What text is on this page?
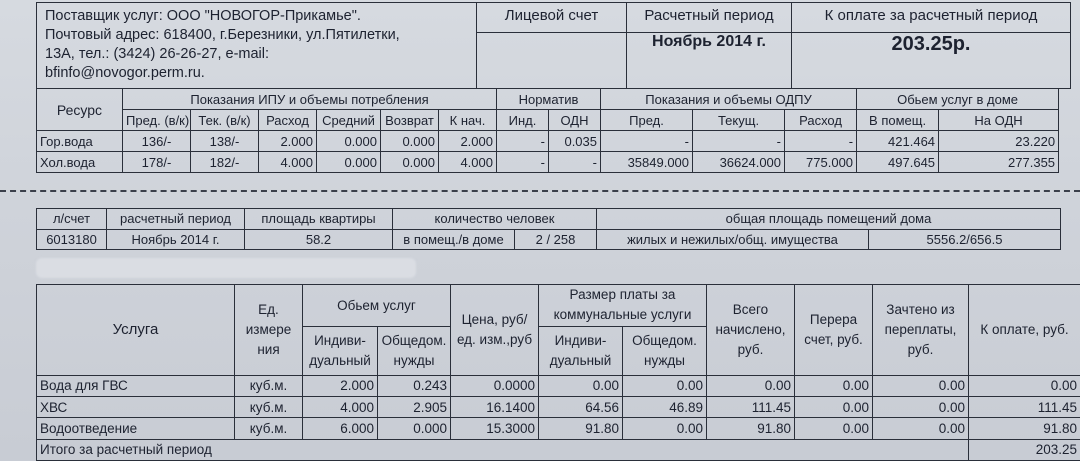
Поставщик услуг: ООО "НОВОГОР-Прикамье".
Почтовый адрес: 618400, г.Березники, ул.Пятилетки,
13А, тел.: (3424) 26-26-27, e-mail:
bfinfo@novogor.perm.ru.	Лицевой счет	Расчетный период	К оплате за расчетный период
		Ноябрь 2014 г.	203.25р.
Ресурс	Показания ИПУ и объемы потребления						Норматив		Показания и объемы ОДПУ			Обьем услуг в доме	
	Пред. (в/к)	Тек. (в/к)	Расход	Средний	Возврат	К нач.	Инд.	ОДН	Пред.	Текущ.	Расход	В помещ.	На ОДН
Гор.вода	136/-	138/-	2.000	0.000	0.000	2.000	-	0.035	-	-	-	421.464	23.220
Хол.вода	178/-	182/-	4.000	0.000	0.000	4.000	-	-	35849.000	36624.000	775.000	497.645	277.355
л/счет	расчетный период	площадь квартиры	количество человек		общая площадь помещений дома	
6013180	Ноябрь 2014 г.	58.2	в помещ./в доме	2 / 258	жилых и нежилых/общ. имущества	5556.2/656.5
Услуга	Ед. измере ния	Обьем услуг		Цена, руб/ед. изм.,руб	Размер платы за коммунальные услуги		Всего начислено, руб.	Перера счет, руб.	Зачтено из переплаты, руб.	К оплате, руб.
		Индиви- дуальный	Общедом. нужды		Индиви- дуальный	Общедом. нужды				
Вода для ГВС	куб.м.	2.000	0.243	0.0000	0.00	0.00	0.00	0.00	0.00	0.00
ХВС	куб.м.	4.000	2.905	16.1400	64.56	46.89	111.45	0.00	0.00	111.45
Водоотведение	куб.м.	6.000	0.000	15.3000	91.80	0.00	91.80	0.00	0.00	91.80
Итого за расчетный период										203.25
